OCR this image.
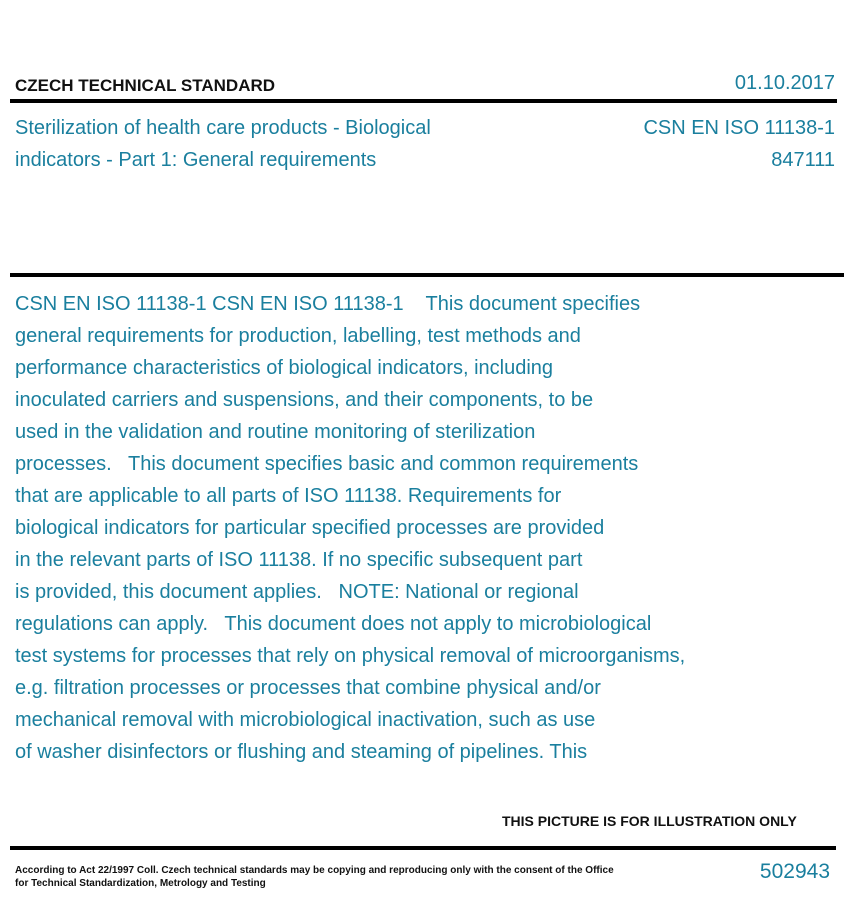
CZECH TECHNICAL STANDARD	01.10.2017
Sterilization of health care products - Biological
indicators - Part 1: General requirements
CSN EN ISO 11138-1
847111
CSN EN ISO 11138-1 CSN EN ISO 11138-1    This document specifies
general requirements for production, labelling, test methods and
performance characteristics of biological indicators, including
inoculated carriers and suspensions, and their components, to be
used in the validation and routine monitoring of sterilization
processes.   This document specifies basic and common requirements
that are applicable to all parts of ISO 11138. Requirements for
biological indicators for particular specified processes are provided
in the relevant parts of ISO 11138. If no specific subsequent part
is provided, this document applies.   NOTE: National or regional
regulations can apply.   This document does not apply to microbiological
test systems for processes that rely on physical removal of microorganisms,
e.g. filtration processes or processes that combine physical and/or
mechanical removal with microbiological inactivation, such as use
of washer disinfectors or flushing and steaming of pipelines. This
THIS PICTURE IS FOR ILLUSTRATION ONLY
According to Act 22/1997 Coll. Czech technical standards may be copying and reproducing only with the consent of the Office
for Technical Standardization, Metrology and Testing
502943
